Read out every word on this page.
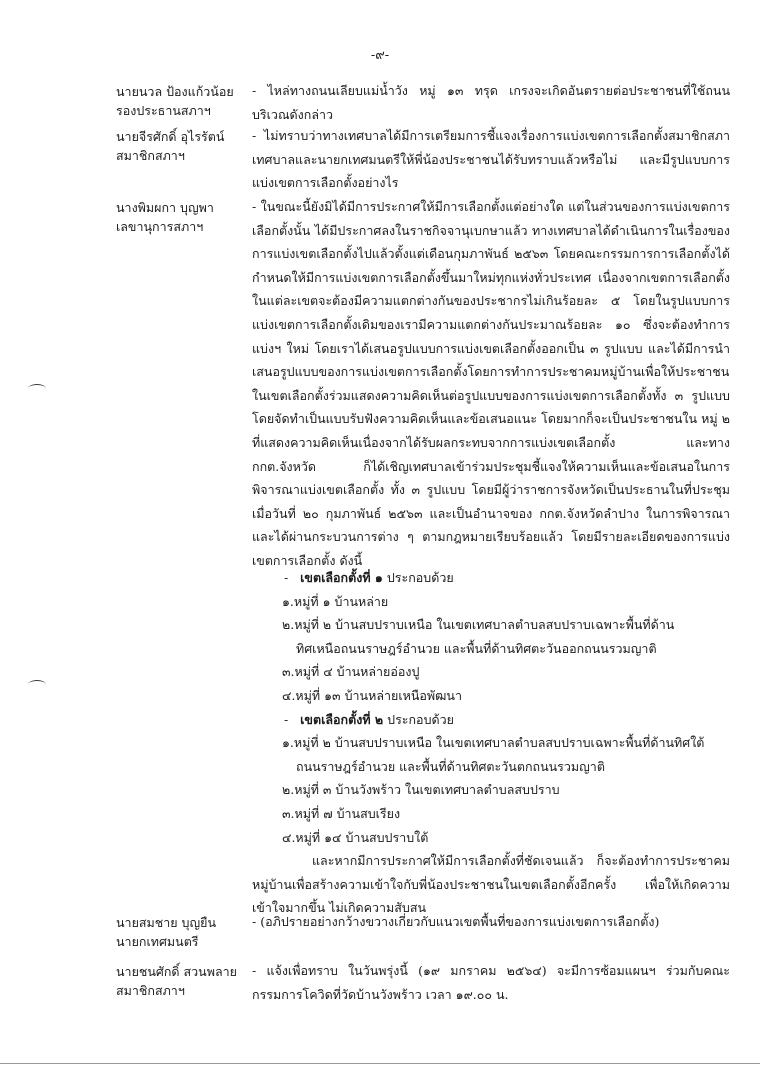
-๙-
นายนวล ป้องแก้วน้อย
รองประธานสภาฯ
- ไหล่ทางถนนเลียบแม่น้ำวัง หมู่ ๑๓ ทรุด เกรงจะเกิดอันตรายต่อประชาชนที่ใช้ถนน บริเวณดังกล่าว
นายจีรศักดิ์ อุไรรัตน์
สมาชิกสภาฯ
- ไม่ทราบว่าทางเทศบาลได้มีการเตรียมการชี้แจงเรื่องการแบ่งเขตการเลือกตั้งสมาชิกสภาเทศบาลและนายกเทศมนตรีให้พี่น้องประชาชนได้รับทราบแล้วหรือไม่ และมีรูปแบบการแบ่งเขตการเลือกตั้งอย่างไร
นางพิมผกา บุญพา
เลขานุการสภาฯ
- ในขณะนี้ยังมิได้มีการประกาศให้มีการเลือกตั้งแต่อย่างใด แต่ในส่วนของการแบ่งเขตการเลือกตั้งนั้น ได้มีประกาศลงในราชกิจจานุเบกษาแล้ว ทางเทศบาลได้ดำเนินการในเรื่องของการแบ่งเขตเลือกตั้งไปแล้วตั้งแต่เดือนกุมภาพันธ์ ๒๕๖๓ โดยคณะกรรมการการเลือกตั้งได้กำหนดให้มีการแบ่งเขตการเลือกตั้งขึ้นมาใหม่ทุกแห่งทั่วประเทศ เนื่องจากเขตการเลือกตั้งในแต่ละเขตจะต้องมีความแตกต่างกันของประชากรไม่เกินร้อยละ ๕ โดยในรูปแบบการแบ่งเขตการเลือกตั้งเดิมของเรามีความแตกต่างกันประมาณร้อยละ ๑๐ ซึ่งจะต้องทำการแบ่งฯ ใหม่ โดยเราได้เสนอรูปแบบการแบ่งเขตเลือกตั้งออกเป็น ๓ รูปแบบ และได้มีการนำเสนอรูปแบบของการแบ่งเขตการเลือกตั้งโดยการทำการประชาคมหมู่บ้านเพื่อให้ประชาชนในเขตเลือกตั้งร่วมแสดงความคิดเห็นต่อรูปแบบของการแบ่งเขตการเลือกตั้งทั้ง ๓ รูปแบบ โดยจัดทำเป็นแบบรับฟังความคิดเห็นและข้อเสนอแนะ โดยมากก็จะเป็นประชาชนใน หมู่ ๒ ที่แสดงความคิดเห็นเนื่องจากได้รับผลกระทบจากการแบ่งเขตเลือกตั้ง และทาง กกต.จังหวัด ก็ได้เชิญเทศบาลเข้าร่วมประชุมชี้แจงให้ความเห็นและข้อเสนอในการพิจารณาแบ่งเขตเลือกตั้ง ทั้ง ๓ รูปแบบ โดยมีผู้ว่าราชการจังหวัดเป็นประธานในที่ประชุม เมื่อวันที่ ๒๐ กุมภาพันธ์ ๒๕๖๓ และเป็นอำนาจของ กกต.จังหวัดลำปาง ในการพิจารณา และได้ผ่านกระบวนการต่าง ๆ ตามกฎหมายเรียบร้อยแล้ว โดยมีรายละเอียดของการแบ่งเขตการเลือกตั้ง ดังนี้
- เขตเลือกตั้งที่ ๑ ประกอบด้วย
๑.หมู่ที่ ๑ บ้านหล่าย
๒.หมู่ที่ ๒ บ้านสบปราบเหนือ ในเขตเทศบาลตำบลสบปราบเฉพาะพื้นที่ด้าน
ทิศเหนือถนนราษฎร์อำนวย และพื้นที่ด้านทิศตะวันออกถนนรวมญาติ
๓.หมู่ที่ ๔ บ้านหล่ายอ่องปู
๔.หมู่ที่ ๑๓ บ้านหล่ายเหนือพัฒนา
- เขตเลือกตั้งที่ ๒ ประกอบด้วย
๑.หมู่ที่ ๒ บ้านสบปราบเหนือ ในเขตเทศบาลตำบลสบปราบเฉพาะพื้นที่ด้านทิศใต้
ถนนราษฎร์อำนวย และพื้นที่ด้านทิศตะวันตกถนนรวมญาติ
๒.หมู่ที่ ๓ บ้านวังพร้าว ในเขตเทศบาลตำบลสบปราบ
๓.หมู่ที่ ๗ บ้านสบเรียง
๔.หมู่ที่ ๑๔ บ้านสบปราบใต้
และหากมีการประกาศให้มีการเลือกตั้งที่ชัดเจนแล้ว ก็จะต้องทำการประชาคมหมู่บ้านเพื่อสร้างความเข้าใจกับพี่น้องประชาชนในเขตเลือกตั้งอีกครั้ง เพื่อให้เกิดความเข้าใจมากขึ้น ไม่เกิดความสับสน
นายสมชาย บุญยืน
นายกเทศมนตรี
- (อภิปรายอย่างกว้างขวางเกี่ยวกับแนวเขตพื้นที่ของการแบ่งเขตการเลือกตั้ง)
นายชนศักดิ์ สวนพลาย
สมาชิกสภาฯ
- แจ้งเพื่อทราบ ในวันพรุ่งนี้ (๑๙ มกราคม ๒๕๖๔) จะมีการซ้อมแผนฯ ร่วมกับคณะกรรมการโควิดที่วัดบ้านวังพร้าว เวลา ๑๙.๐๐ น.
